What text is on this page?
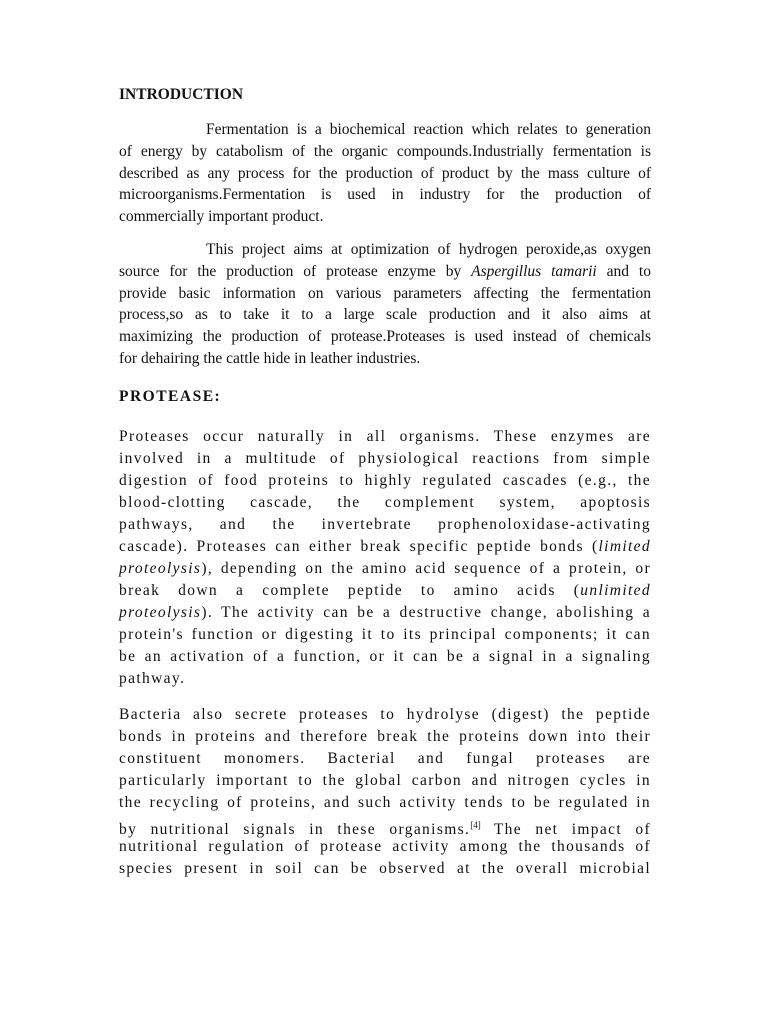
INTRODUCTION
Fermentation is a biochemical reaction which relates to generation
of energy by catabolism of the organic compounds.Industrially fermentation is
described as any process for the production of product by the mass culture of
microorganisms.Fermentation is used in industry for the production of
commercially important product.
This project aims at optimization of hydrogen peroxide,as oxygen
source for the production of protease enzyme by Aspergillus tamarii and to
provide basic information on various parameters affecting the fermentation
process,so as to take it to a large scale production and it also aims at
maximizing the production of protease.Proteases is used instead of chemicals
for dehairing the cattle hide in leather industries.
PROTEASE:
Proteases occur naturally in all organisms. These enzymes are
involved in a multitude of physiological reactions from simple
digestion of food proteins to highly regulated cascades (e.g., the
blood-clotting cascade, the complement system, apoptosis
pathways, and the invertebrate prophenoloxidase-activating
cascade). Proteases can either break specific peptide bonds (limited
proteolysis), depending on the amino acid sequence of a protein, or
break down a complete peptide to amino acids (unlimited
proteolysis). The activity can be a destructive change, abolishing a
protein's function or digesting it to its principal components; it can
be an activation of a function, or it can be a signal in a signaling
pathway.
Bacteria also secrete proteases to hydrolyse (digest) the peptide
bonds in proteins and therefore break the proteins down into their
constituent monomers. Bacterial and fungal proteases are
particularly important to the global carbon and nitrogen cycles in
the recycling of proteins, and such activity tends to be regulated in
by nutritional signals in these organisms.[4] The net impact of
nutritional regulation of protease activity among the thousands of
species present in soil can be observed at the overall microbial
